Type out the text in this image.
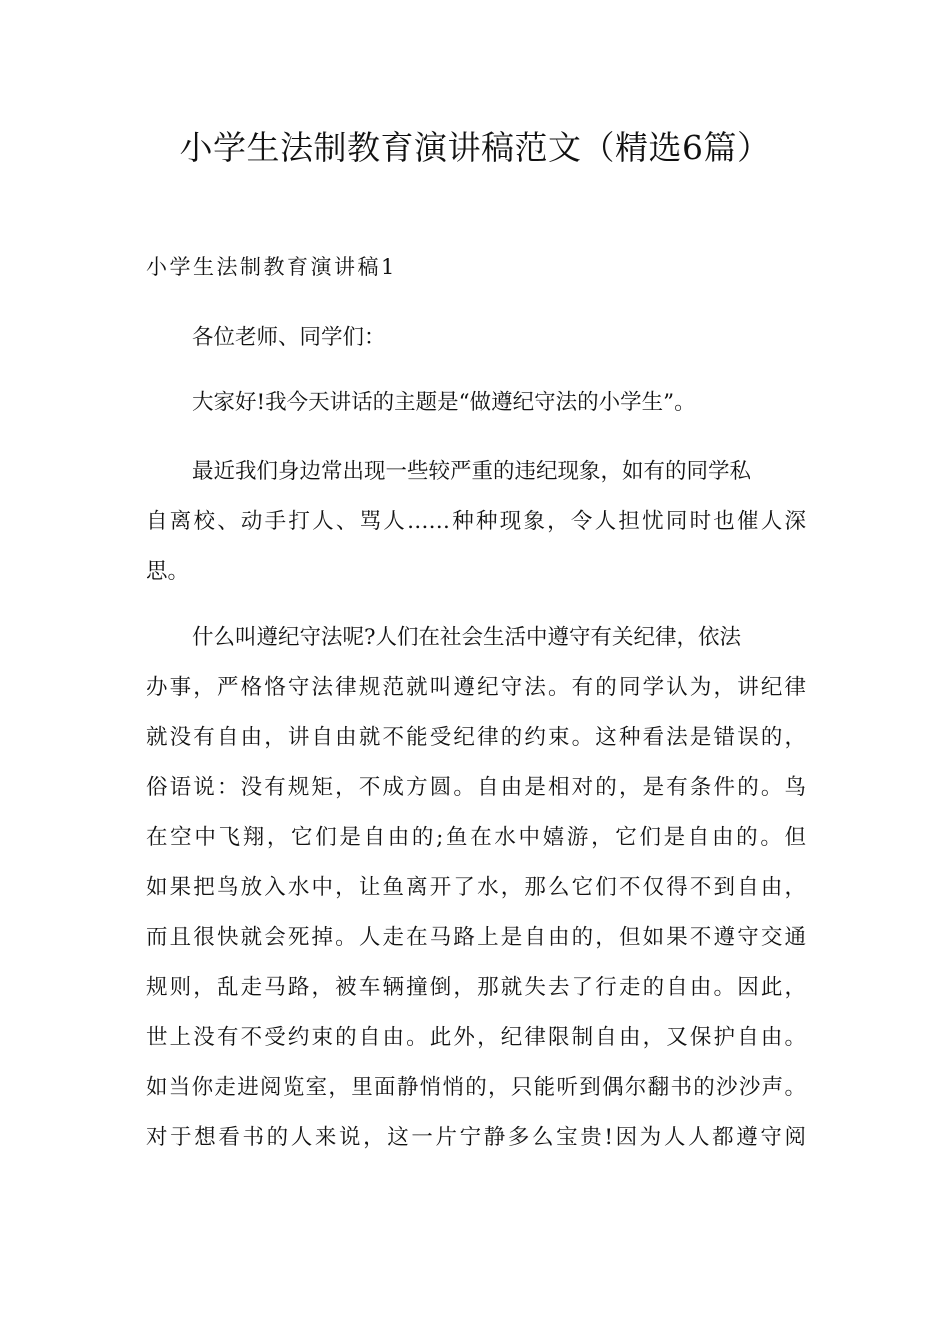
小学生法制教育演讲稿范文（精选6篇）
小学生法制教育演讲稿1
各位老师、同学们：
大家好!我今天讲话的主题是“做遵纪守法的小学生”。
最近我们身边常出现一些较严重的违纪现象，如有的同学私
自离校、动手打人、骂人……种种现象，令人担忧同时也催人深
思。
什么叫遵纪守法呢?人们在社会生活中遵守有关纪律，依法
办事，严格恪守法律规范就叫遵纪守法。有的同学认为，讲纪律
就没有自由，讲自由就不能受纪律的约束。这种看法是错误的，
俗语说：没有规矩，不成方圆。自由是相对的，是有条件的。鸟
在空中飞翔，它们是自由的;鱼在水中嬉游，它们是自由的。但
如果把鸟放入水中，让鱼离开了水，那么它们不仅得不到自由，
而且很快就会死掉。人走在马路上是自由的，但如果不遵守交通
规则，乱走马路，被车辆撞倒，那就失去了行走的自由。因此，
世上没有不受约束的自由。此外，纪律限制自由，又保护自由。
如当你走进阅览室，里面静悄悄的，只能听到偶尔翻书的沙沙声。
对于想看书的人来说，这一片宁静多么宝贵!因为人人都遵守阅
